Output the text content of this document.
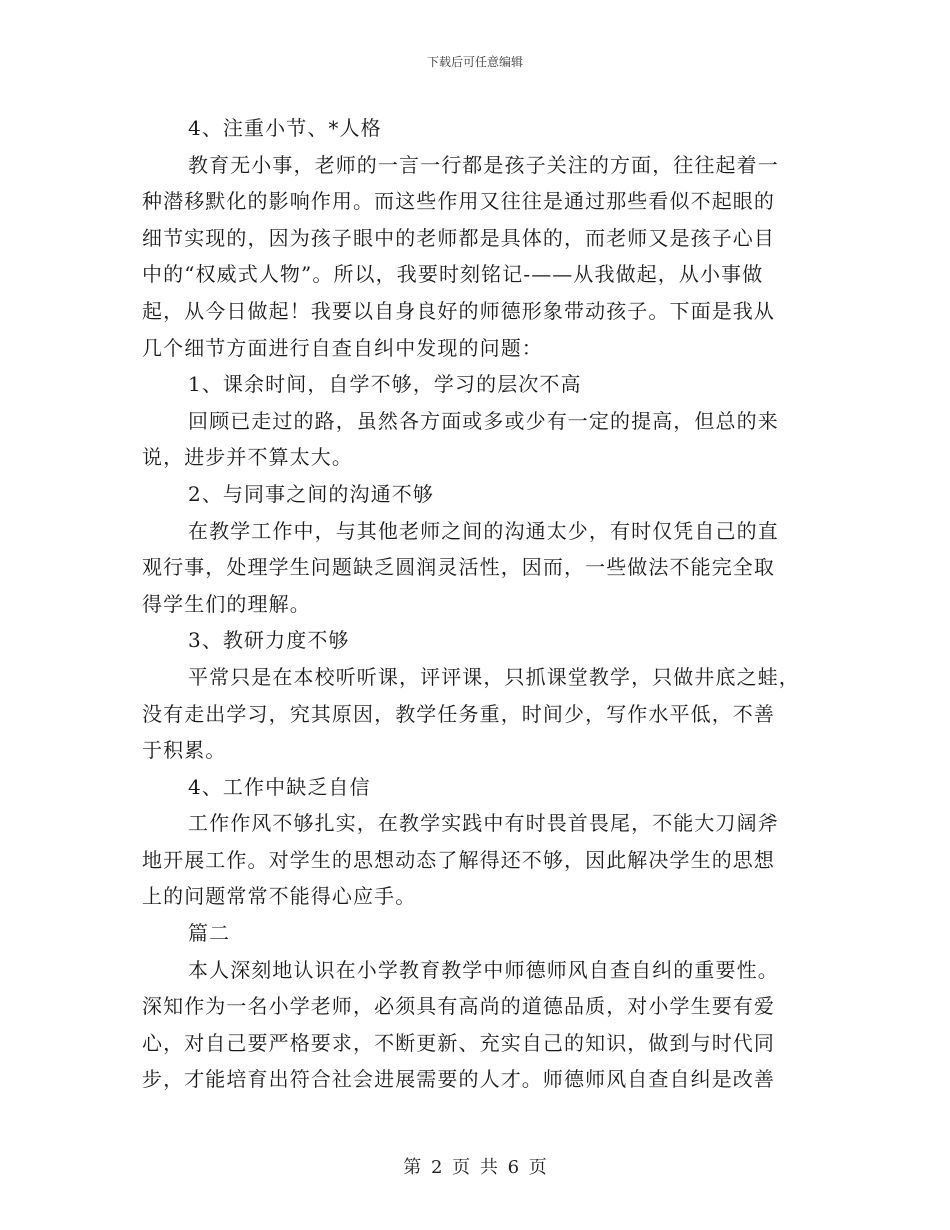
下载后可任意编辑
4、注重小节、*人格
教育无小事，老师的一言一行都是孩子关注的方面，往往起着一
种潜移默化的影响作用。而这些作用又往往是通过那些看似不起眼的
细节实现的，因为孩子眼中的老师都是具体的，而老师又是孩子心目
中的“权威式人物”。所以，我要时刻铭记-——从我做起，从小事做
起，从今日做起！我要以自身良好的师德形象带动孩子。下面是我从
几个细节方面进行自查自纠中发现的问题：
1、课余时间，自学不够，学习的层次不高
回顾已走过的路，虽然各方面或多或少有一定的提高，但总的来
说，进步并不算太大。
2、与同事之间的沟通不够
在教学工作中，与其他老师之间的沟通太少，有时仅凭自己的直
观行事，处理学生问题缺乏圆润灵活性，因而，一些做法不能完全取
得学生们的理解。
3、教研力度不够
平常只是在本校听听课，评评课，只抓课堂教学，只做井底之蛙，
没有走出学习，究其原因，教学任务重，时间少，写作水平低，不善
于积累。
4、工作中缺乏自信
工作作风不够扎实，在教学实践中有时畏首畏尾，不能大刀阔斧
地开展工作。对学生的思想动态了解得还不够，因此解决学生的思想
上的问题常常不能得心应手。
篇二
本人深刻地认识在小学教育教学中师德师风自查自纠的重要性。
深知作为一名小学老师，必须具有高尚的道德品质，对小学生要有爱
心，对自己要严格要求，不断更新、充实自己的知识，做到与时代同
步，才能培育出符合社会进展需要的人才。师德师风自查自纠是改善
第 2 页 共 6 页
